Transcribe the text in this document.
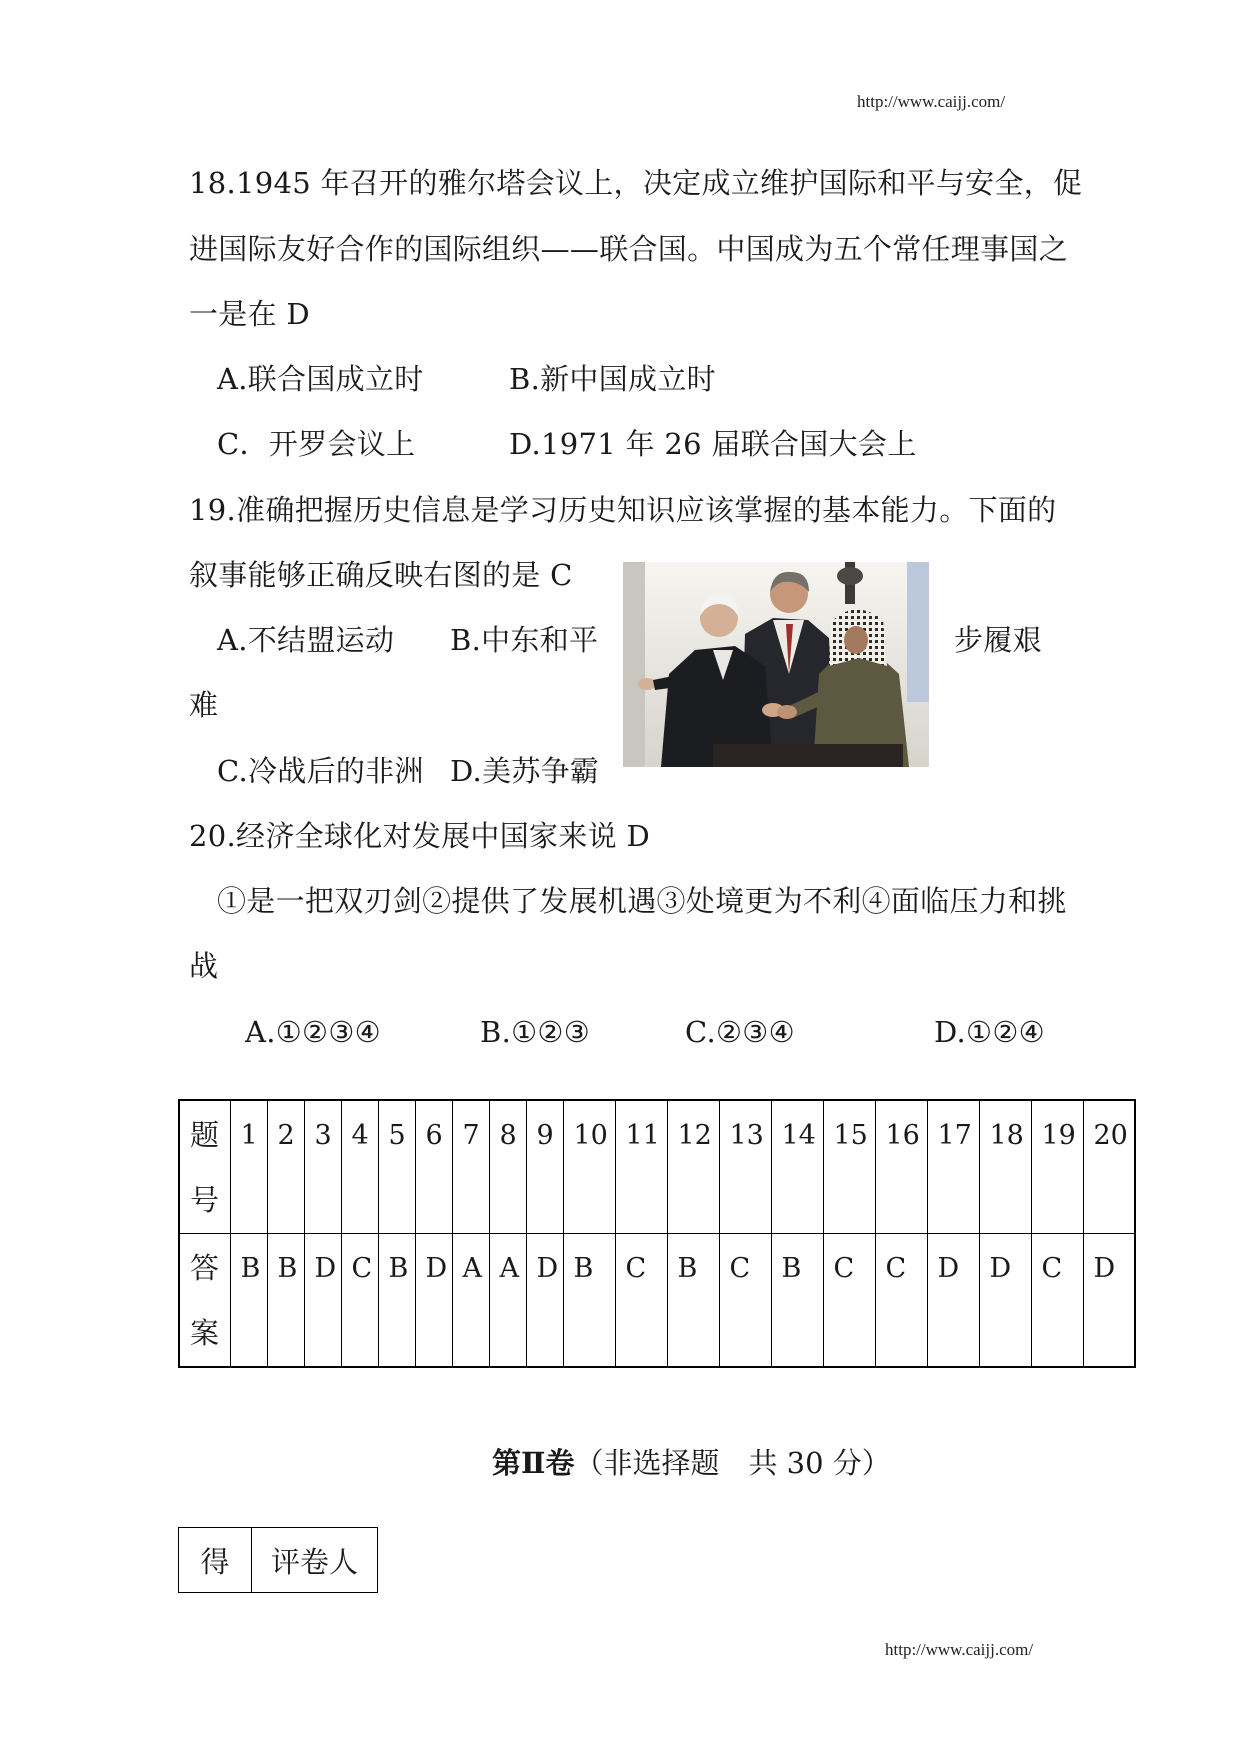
http://www.caijj.com/
18.1945 年召开的雅尔塔会议上，决定成立维护国际和平与安全，促
进国际友好合作的国际组织——联合国。中国成为五个常任理事国之
一是在 D
A.联合国成立时	B.新中国成立时
C．开罗会议上	D.1971 年 26 届联合国大会上
19.准确把握历史信息是学习历史知识应该掌握的基本能力。下面的
叙事能够正确反映右图的是 C
A.不结盟运动 B.中东和平	步履艰
难
C.冷战后的非洲 D.美苏争霸
20.经济全球化对发展中国家来说 D
①是一把双刃剑②提供了发展机遇③处境更为不利④面临压力和挑
战
A.①②③④	B.①②③	C.②③④	D.①②④
题号	1	2	3	4	5	6	7	8	9	10	11	12	13	14	15	16	17	18	19	20

答案	B	B	D	C	B	D	A	A	D	B	C	B	C	B	C	C	D	D	C	D
第Ⅱ卷（非选择题　共 30 分）
得	评卷人
http://www.caijj.com/
